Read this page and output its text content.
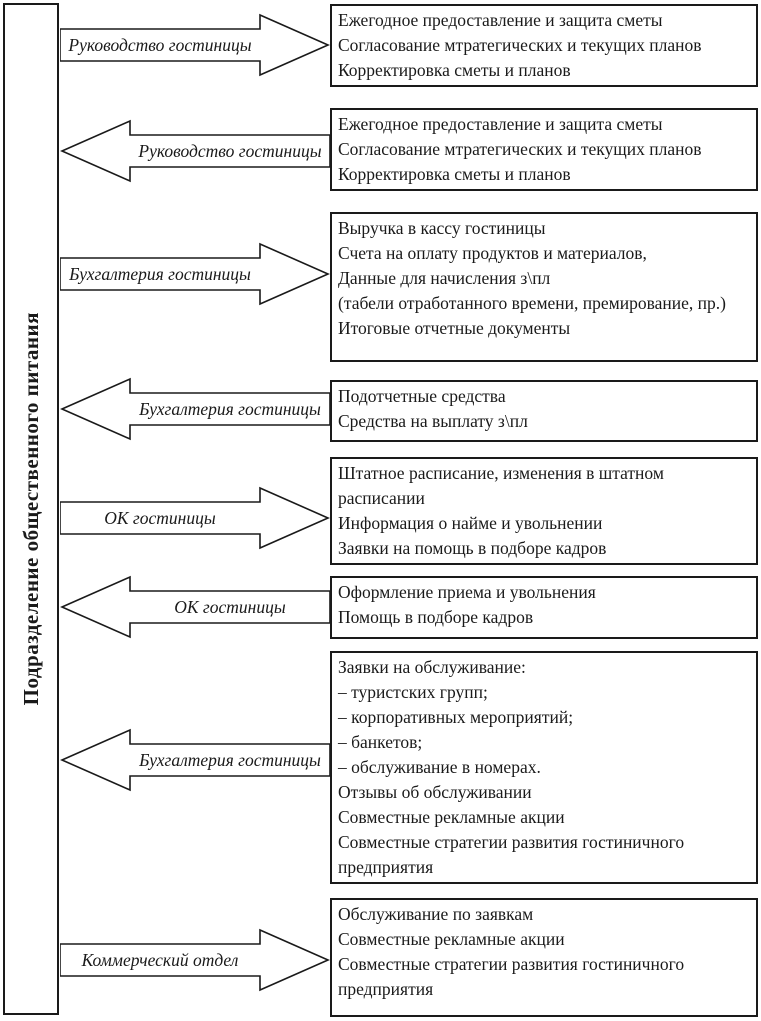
Подразделение общественного питания
Руководство гостиницы
Ежегодное предоставление и защита сметы
Согласование мтратегических и текущих планов
Корректировка сметы и планов
Руководство гостиницы
Ежегодное предоставление и защита сметы
Согласование мтратегических и текущих планов
Корректировка сметы и планов
Бухгалтерия гостиницы
Выручка в кассу гостиницы
Счета на оплату продуктов и материалов,
Данные для начисления з\пл
(табели отработанного времени, премирование, пр.)
Итоговые отчетные документы
Бухгалтерия гостиницы
Подотчетные средства
Средства на выплату з\пл
ОК гостиницы
Штатное расписание, изменения в штатном расписании
Информация о найме и увольнении
Заявки на помощь в подборе кадров
ОК гостиницы
Оформление приема и увольнения
Помощь в подборе кадров
Бухгалтерия гостиницы
Заявки на обслуживание:
– туристских групп;
– корпоративных мероприятий;
– банкетов;
– обслуживание в номерах.
Отзывы об обслуживании
Совместные рекламные акции
Совместные стратегии развития гостиничного предприятия
Коммерческий отдел
Обслуживание по заявкам
Совместные рекламные акции
Совместные стратегии развития гостиничного предприятия
